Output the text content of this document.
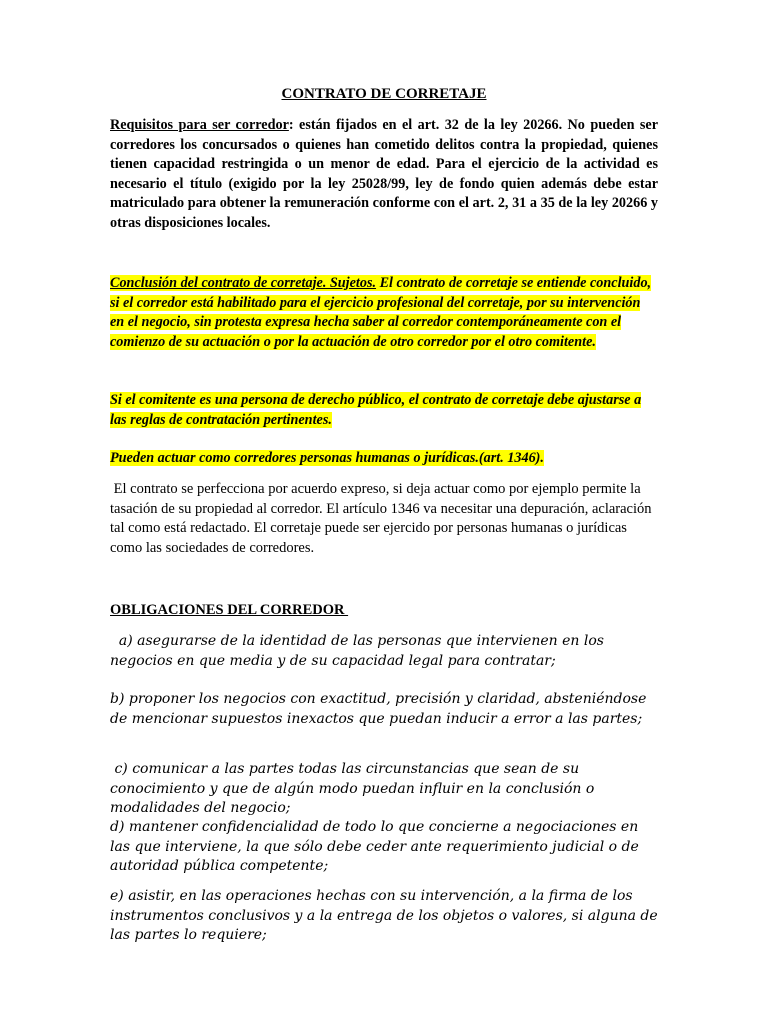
CONTRATO DE CORRETAJE
Requisitos para ser corredor: están fijados en el art. 32 de la ley 20266. No pueden ser corredores los concursados o quienes han cometido delitos contra la propiedad, quienes tienen capacidad restringida o un menor de edad. Para el ejercicio de la actividad es necesario el título (exigido por la ley 25028/99, ley de fondo quien además debe estar matriculado para obtener la remuneración conforme con el art. 2, 31 a 35 de la ley 20266 y otras disposiciones locales.
Conclusión del contrato de corretaje. Sujetos. El contrato de corretaje se entiende concluido, si el corredor está habilitado para el ejercicio profesional del corretaje, por su intervención en el negocio, sin protesta expresa hecha saber al corredor contemporáneamente con el comienzo de su actuación o por la actuación de otro corredor por el otro comitente.
Si el comitente es una persona de derecho público, el contrato de corretaje debe ajustarse a las reglas de contratación pertinentes.
Pueden actuar como corredores personas humanas o jurídicas.(art. 1346).
El contrato se perfecciona por acuerdo expreso, si deja actuar como por ejemplo permite la tasación de su propiedad al corredor. El artículo 1346 va necesitar una depuración, aclaración tal como está redactado. El corretaje puede ser ejercido por personas humanas o jurídicas como las sociedades de corredores.
OBLIGACIONES DEL CORREDOR
a) asegurarse de la identidad de las personas que intervienen en los negocios en que media y de su capacidad legal para contratar;
b) proponer los negocios con exactitud, precisión y claridad, absteniéndose de mencionar supuestos inexactos que puedan inducir a error a las partes;
c) comunicar a las partes todas las circunstancias que sean de su conocimiento y que de algún modo puedan influir en la conclusión o modalidades del negocio;
d) mantener confidencialidad de todo lo que concierne a negociaciones en las que interviene, la que sólo debe ceder ante requerimiento judicial o de autoridad pública competente;
e) asistir, en las operaciones hechas con su intervención, a la firma de los instrumentos conclusivos y a la entrega de los objetos o valores, si alguna de las partes lo requiere;
